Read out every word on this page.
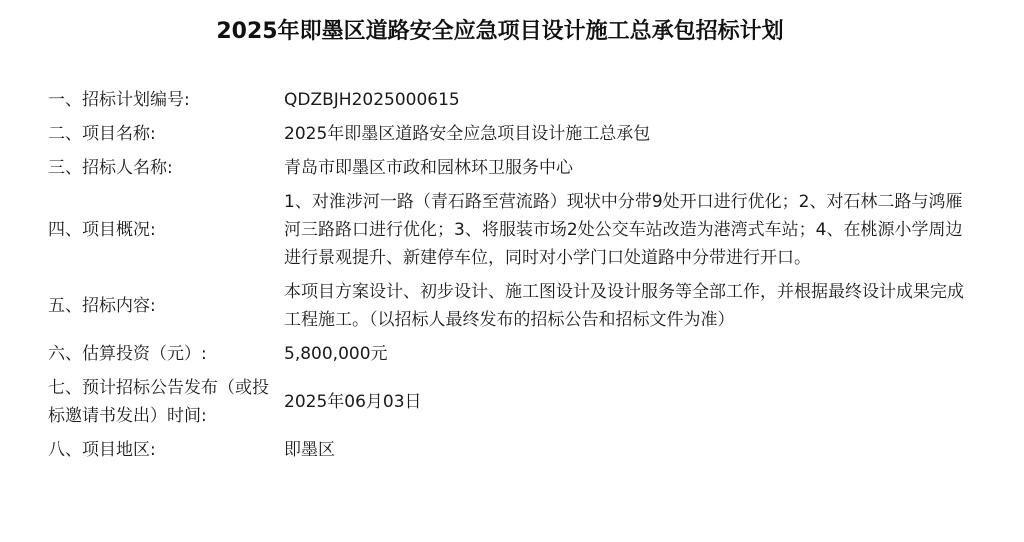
2025年即墨区道路安全应急项目设计施工总承包招标计划
一、招标计划编号:	QDZBJH2025000615
二、项目名称:	2025年即墨区道路安全应急项目设计施工总承包
三、招标人名称:	青岛市即墨区市政和园林环卫服务中心
四、项目概况:
1、对淮涉河一路（青石路至营流路）现状中分带9处开口进行优化；2、对石林二路与鸿雁河三路路口进行优化；3、将服装市场2处公交车站改造为港湾式车站；4、在桃源小学周边进行景观提升、新建停车位，同时对小学门口处道路中分带进行开口。
五、招标内容:
本项目方案设计、初步设计、施工图设计及设计服务等全部工作，并根据最终设计成果完成工程施工。（以招标人最终发布的招标公告和招标文件为准）
六、估算投资（元）:	5,800,000元
七、预计招标公告发布（或投标邀请书发出）时间:
2025年06月03日
八、项目地区:	即墨区
